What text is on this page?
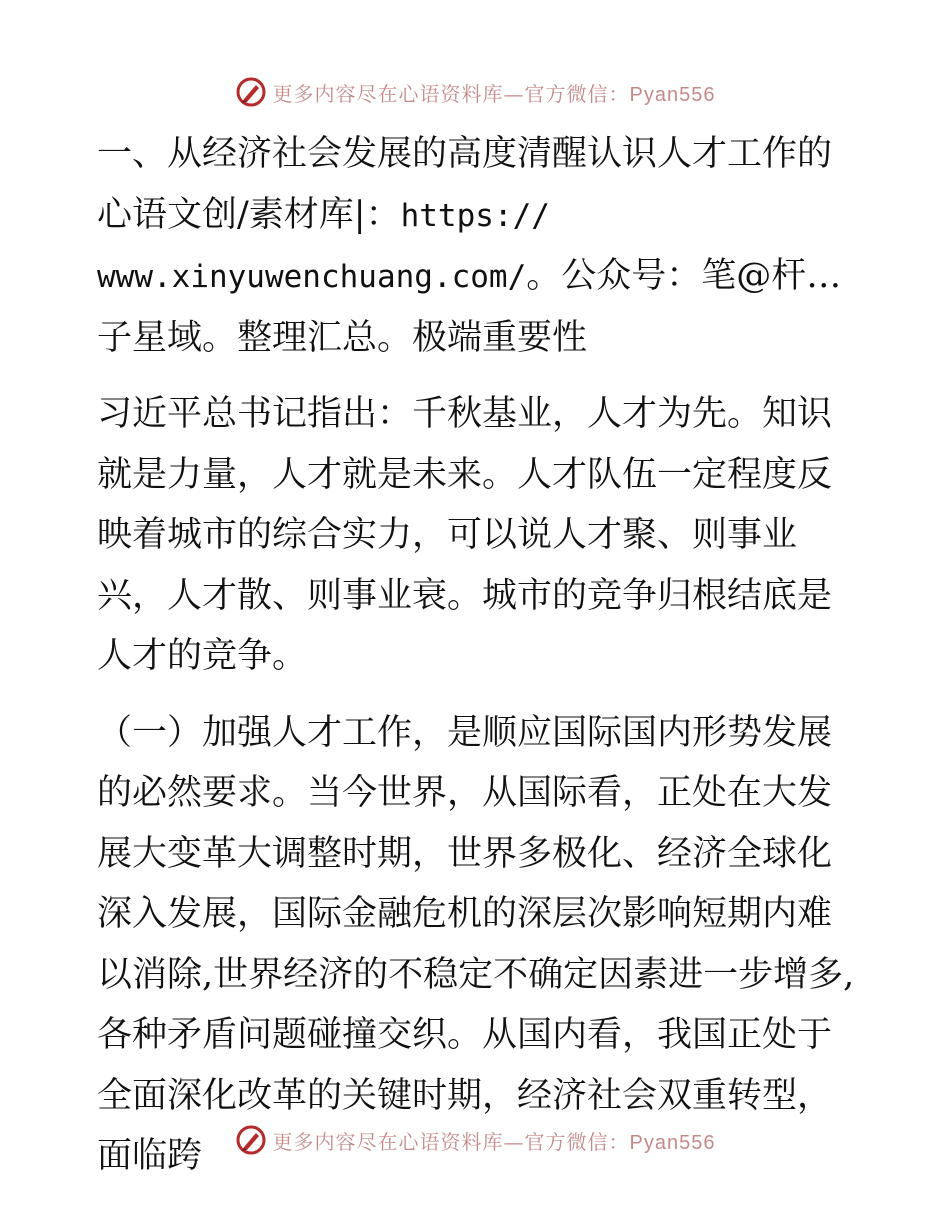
更多内容尽在心语资料库—官方微信：Pyan556

一、从经济社会发展的高度清醒认识人才工作的
心语文创/素材库|：https://
www.xinyuwenchuang.com/。公众号：笔@杆…子星域。整理汇总。极端重要性

习近平总书记指出：千秋基业，人才为先。知识就是力量，人才就是未来。人才队伍一定程度反映着城市的综合实力，可以说人才聚、则事业兴，人才散、则事业衰。城市的竞争归根结底是人才的竞争。

（一）加强人才工作，是顺应国际国内形势发展的必然要求。当今世界，从国际看，正处在大发展大变革大调整时期，世界多极化、经济全球化深入发展，国际金融危机的深层次影响短期内难以消除,世界经济的不稳定不确定因素进一步增多,各种矛盾问题碰撞交织。从国内看，我国正处于全面深化改革的关键时期，经济社会双重转型，面临跨	更多内容尽在心语资料库—官方微信：Pyan556
